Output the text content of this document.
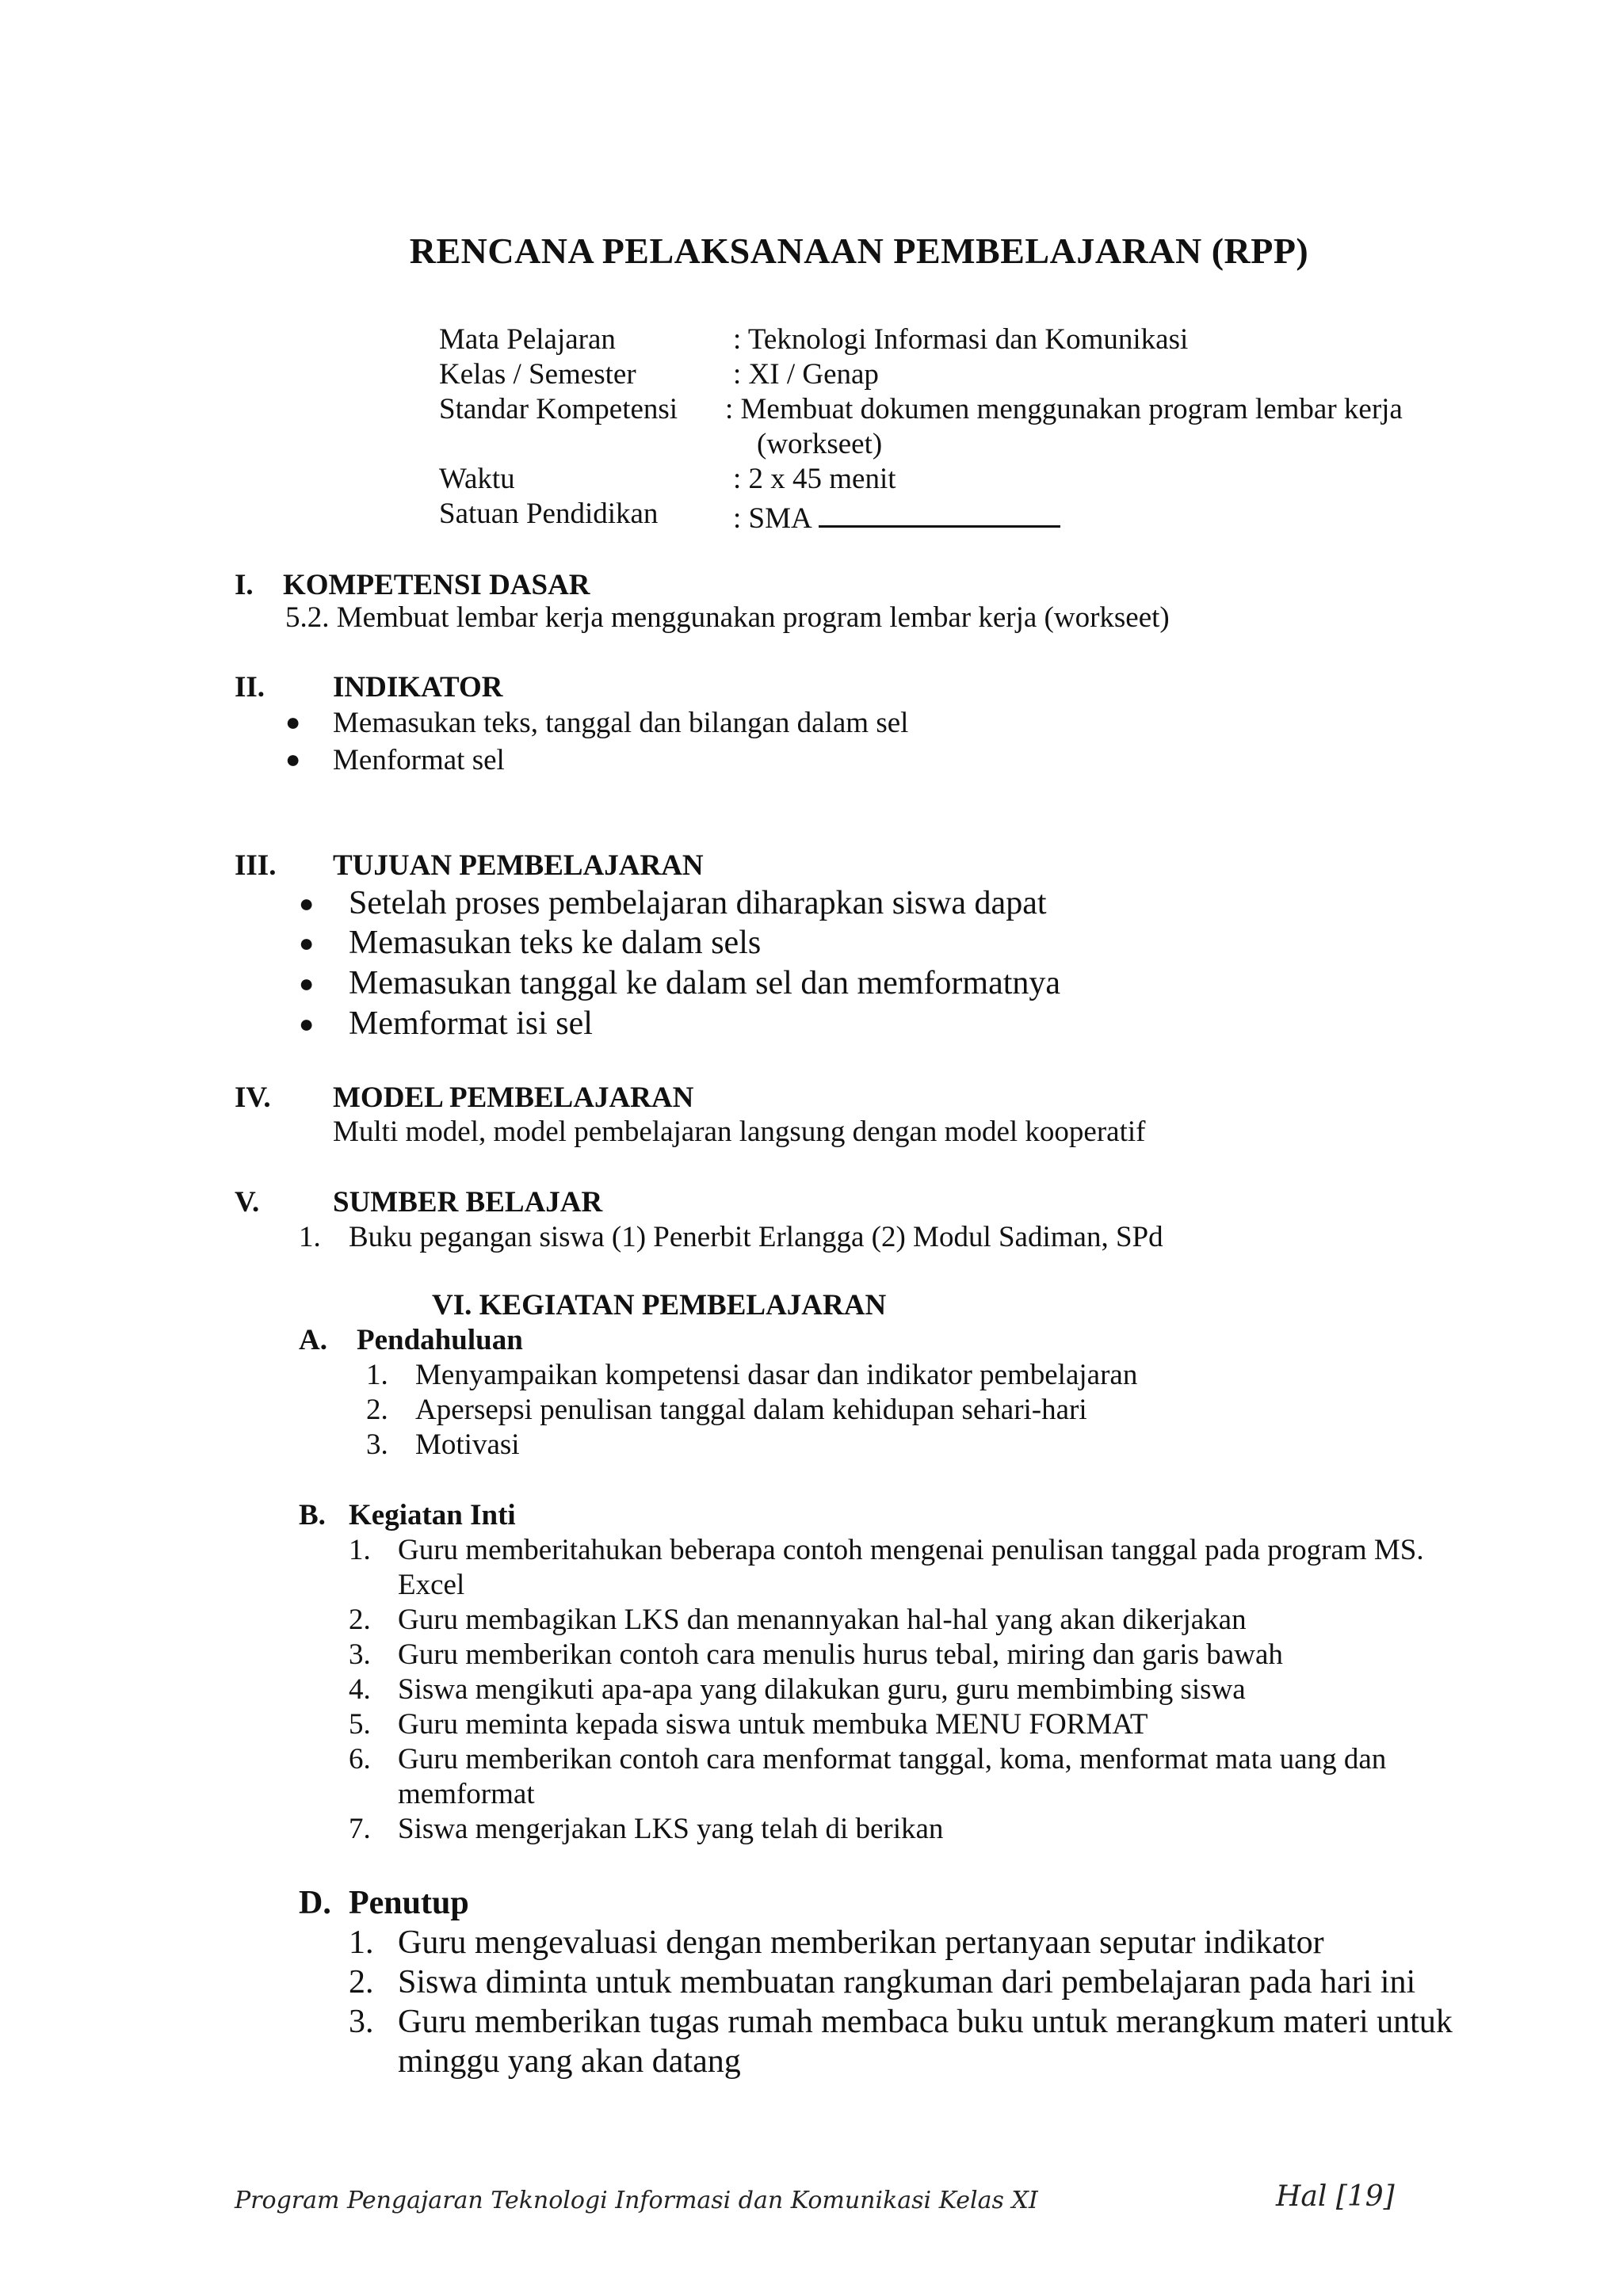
RENCANA PELAKSANAAN PEMBELAJARAN (RPP)
Mata Pelajaran	: Teknologi Informasi dan Komunikasi
Kelas / Semester	: XI / Genap
Standar Kompetensi : Membuat dokumen menggunakan program lembar kerja
(workseet)
Waktu	: 2 x 45 menit
Satuan Pendidikan	: SMA
I. KOMPETENSI DASAR
5.2. Membuat lembar kerja menggunakan program lembar kerja (workseet)
II. INDIKATOR
● Memasukan teks, tanggal dan bilangan dalam sel
● Menformat sel
III. TUJUAN PEMBELAJARAN
● Setelah proses pembelajaran diharapkan siswa dapat
● Memasukan teks ke dalam sels
● Memasukan tanggal ke dalam sel dan memformatnya
● Memformat isi sel
IV. MODEL PEMBELAJARAN
Multi model, model pembelajaran langsung dengan model kooperatif
V.	SUMBER BELAJAR
1. Buku pegangan siswa (1) Penerbit Erlangga (2) Modul Sadiman, SPd
VI. KEGIATAN PEMBELAJARAN
A. Pendahuluan
1. Menyampaikan kompetensi dasar dan indikator pembelajaran
2. Apersepsi penulisan tanggal dalam kehidupan sehari-hari
3. Motivasi
B. Kegiatan Inti
1. Guru memberitahukan beberapa contoh mengenai penulisan tanggal pada program MS.
Excel
2. Guru membagikan LKS dan menannyakan hal-hal yang akan dikerjakan
3. Guru memberikan contoh cara menulis hurus tebal, miring dan garis bawah
4. Siswa mengikuti apa-apa yang dilakukan guru, guru membimbing siswa
5. Guru meminta kepada siswa untuk membuka MENU FORMAT
6. Guru memberikan contoh cara menformat tanggal, koma, menformat mata uang dan
memformat
7. Siswa mengerjakan LKS yang telah di berikan
D. Penutup
1. Guru mengevaluasi dengan memberikan pertanyaan seputar indikator
2. Siswa diminta untuk membuatan rangkuman dari pembelajaran pada hari ini
3. Guru memberikan tugas rumah membaca buku untuk merangkum materi untuk
minggu yang akan datang
Program Pengajaran Teknologi Informasi dan Komunikasi Kelas XI	Hal [19]
